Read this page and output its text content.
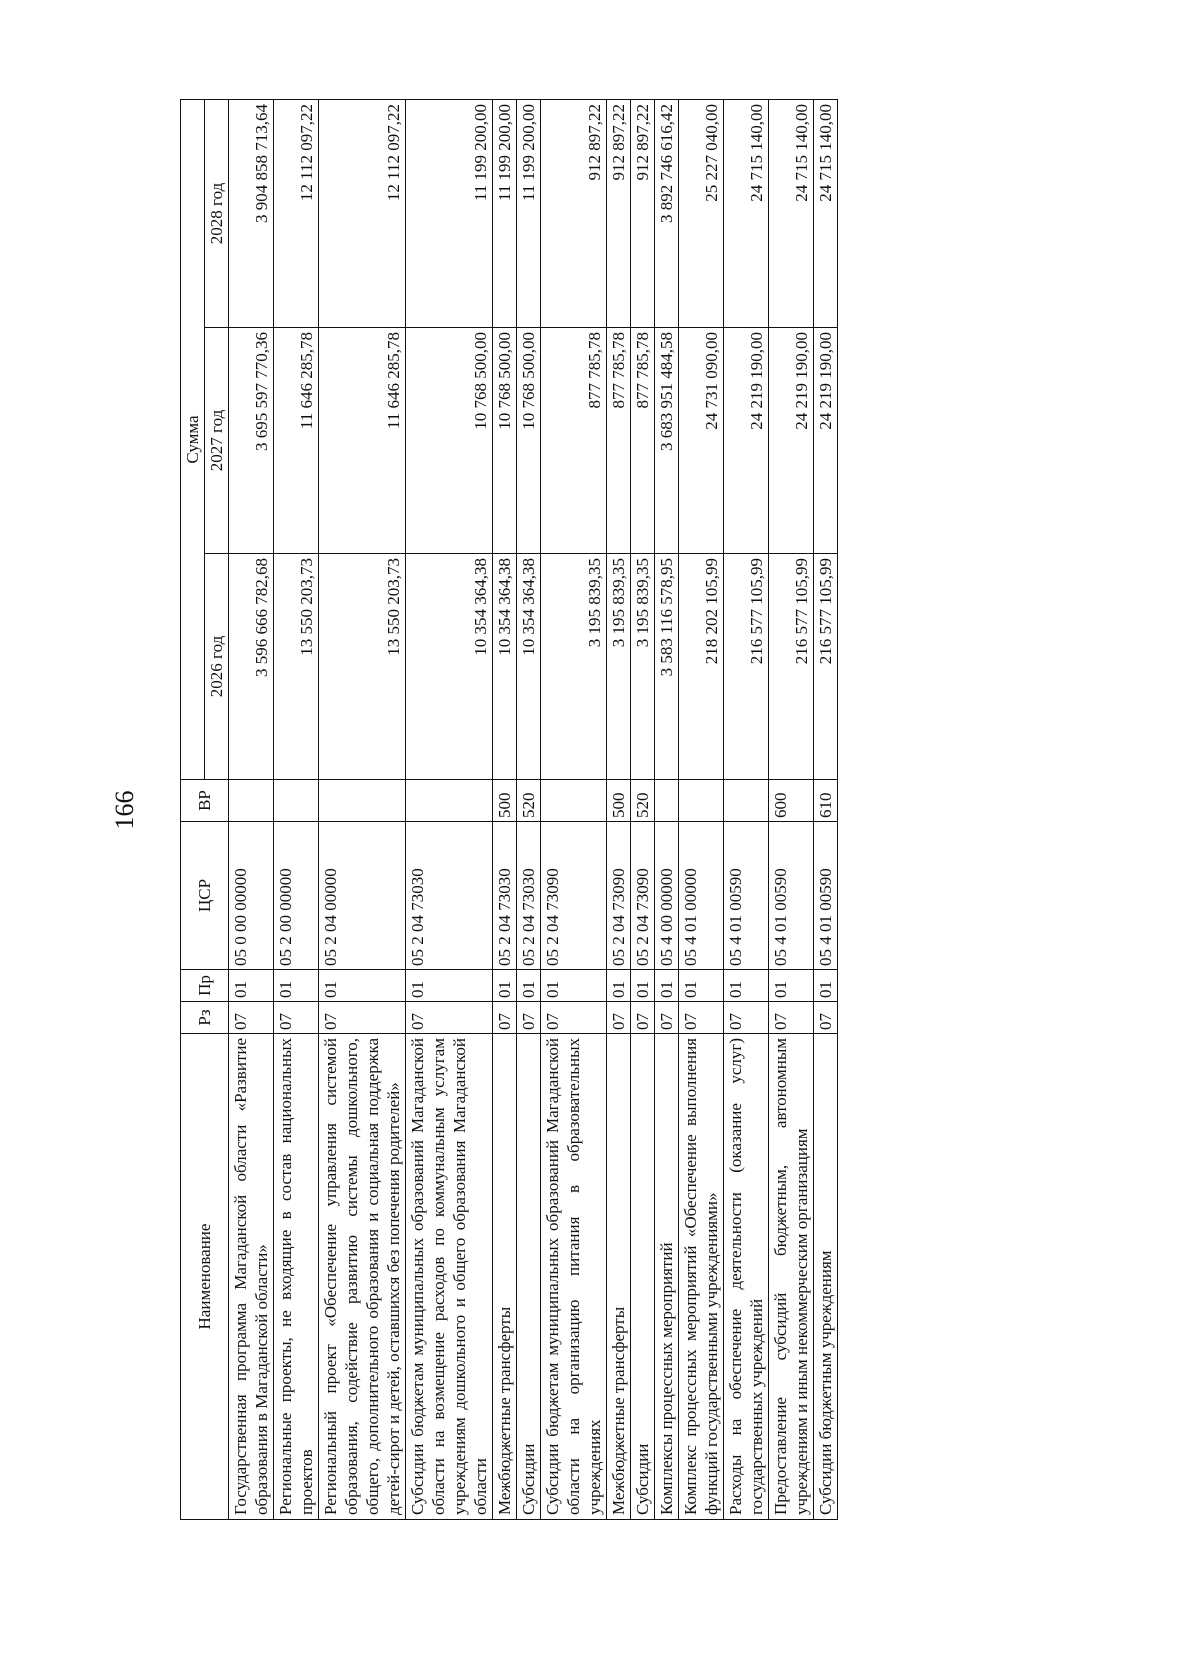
166
Наименование	Рз	Пр	ЦСР	ВР	Сумма		
					2026 год	2027 год	2028 год
Государственная программа Магаданской области «Развитие образования в Магаданской области»	07	01	05 0 00 00000		3 596 666 782,68	3 695 597 770,36	3 904 858 713,64
Региональные проекты, не входящие в состав национальных проектов	07	01	05 2 00 00000		13 550 203,73	11 646 285,78	12 112 097,22
Региональный проект «Обеспечение управления системой образования, содействие развитию системы дошкольного, общего, дополнительного образования и социальная поддержка детей-сирот и детей, оставшихся без попечения родителей»	07	01	05 2 04 00000		13 550 203,73	11 646 285,78	12 112 097,22
Субсидии бюджетам муниципальных образований Магаданской области на возмещение расходов по коммунальным услугам учреждениям дошкольного и общего образования Магаданской области	07	01	05 2 04 73030		10 354 364,38	10 768 500,00	11 199 200,00
Межбюджетные трансферты	07	01	05 2 04 73030	500	10 354 364,38	10 768 500,00	11 199 200,00
Субсидии	07	01	05 2 04 73030	520	10 354 364,38	10 768 500,00	11 199 200,00
Субсидии бюджетам муниципальных образований Магаданской области на организацию питания в образовательных учреждениях	07	01	05 2 04 73090		3 195 839,35	877 785,78	912 897,22
Межбюджетные трансферты	07	01	05 2 04 73090	500	3 195 839,35	877 785,78	912 897,22
Субсидии	07	01	05 2 04 73090	520	3 195 839,35	877 785,78	912 897,22
Комплексы процессных мероприятий	07	01	05 4 00 00000		3 583 116 578,95	3 683 951 484,58	3 892 746 616,42
Комплекс процессных мероприятий «Обеспечение выполнения функций государственными учреждениями»	07	01	05 4 01 00000		218 202 105,99	24 731 090,00	25 227 040,00
Расходы на обеспечение деятельности (оказание услуг) государственных учреждений	07	01	05 4 01 00590		216 577 105,99	24 219 190,00	24 715 140,00
Предоставление субсидий бюджетным, автономным учреждениям и иным некоммерческим организациям	07	01	05 4 01 00590	600	216 577 105,99	24 219 190,00	24 715 140,00
Субсидии бюджетным учреждениям	07	01	05 4 01 00590	610	216 577 105,99	24 219 190,00	24 715 140,00
